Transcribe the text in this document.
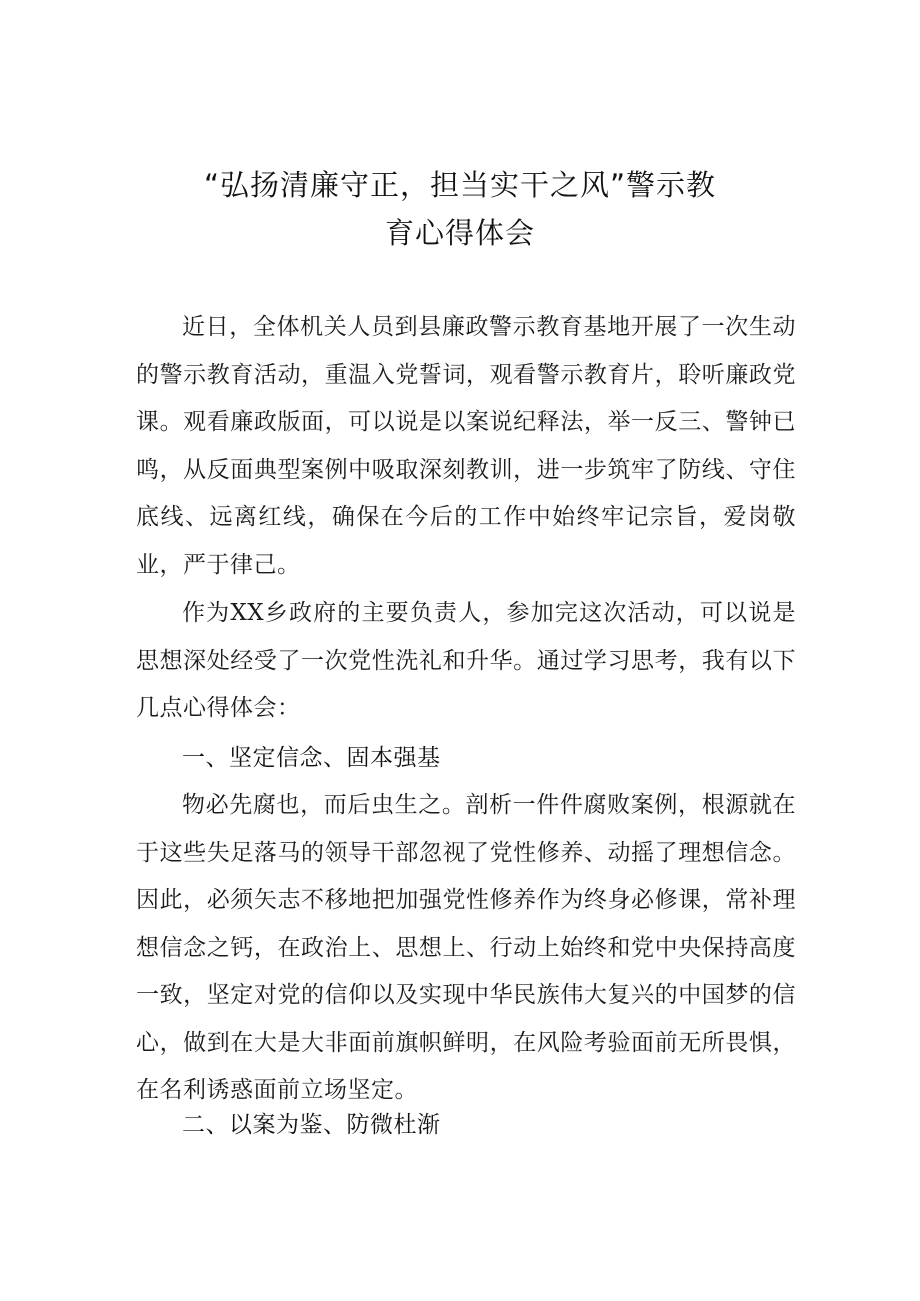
“弘扬清廉守正，担当实干之风”警示教
育心得体会

近日，全体机关人员到县廉政警示教育基地开展了一次生动的警示教育活动，重温入党誓词，观看警示教育片，聆听廉政党课。观看廉政版面，可以说是以案说纪释法，举一反三、警钟已鸣，从反面典型案例中吸取深刻教训，进一步筑牢了防线、守住底线、远离红线，确保在今后的工作中始终牢记宗旨，爱岗敬业，严于律己。

作为XX乡政府的主要负责人，参加完这次活动，可以说是思想深处经受了一次党性洗礼和升华。通过学习思考，我有以下几点心得体会：

一、坚定信念、固本强基

物必先腐也，而后虫生之。剖析一件件腐败案例，根源就在于这些失足落马的领导干部忽视了党性修养、动摇了理想信念。因此，必须矢志不移地把加强党性修养作为终身必修课，常补理想信念之钙，在政治上、思想上、行动上始终和党中央保持高度一致，坚定对党的信仰以及实现中华民族伟大复兴的中国梦的信心，做到在大是大非面前旗帜鲜明，在风险考验面前无所畏惧，在名利诱惑面前立场坚定。

二、以案为鉴、防微杜渐
